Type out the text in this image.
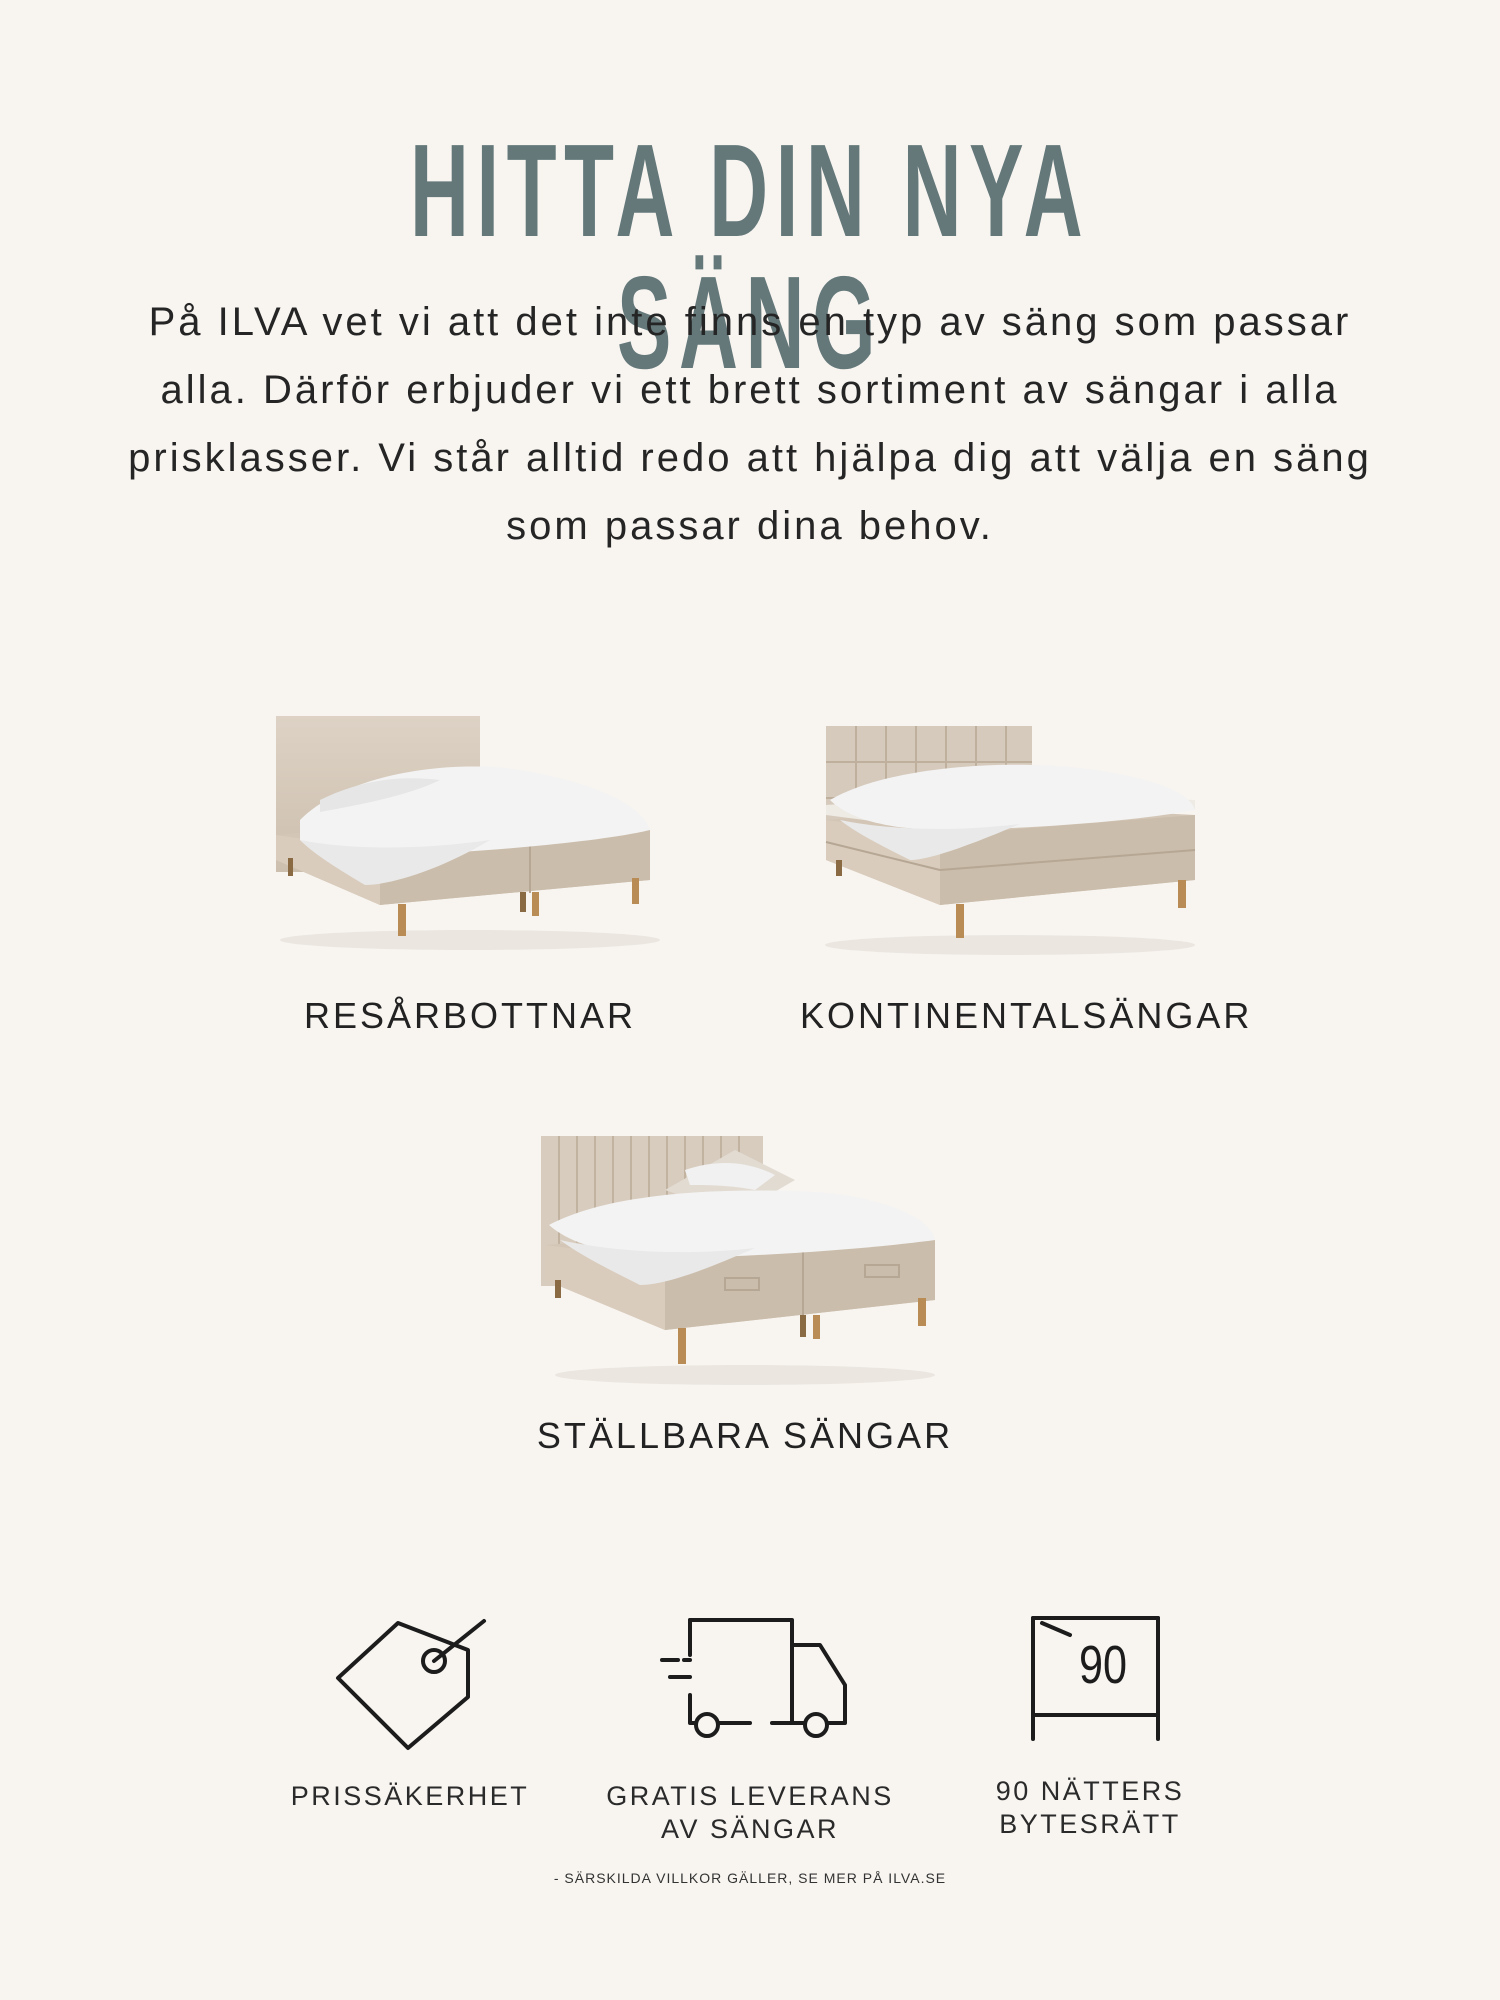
HITTA DIN NYA SÄNG
På ILVA vet vi att det inte finns en typ av säng som passar
alla. Därför erbjuder vi ett brett sortiment av sängar i alla
prisklasser. Vi står alltid redo att hjälpa dig att välja en säng
som passar dina behov.
RESÅRBOTTNAR	KONTINENTALSÄNGAR
STÄLLBARA SÄNGAR
PRISSÄKERHET	GRATIS LEVERANS
AV SÄNGAR
90
90 NÄTTERS
BYTESRÄTT
- SÄRSKILDA VILLKOR GÄLLER, SE MER PÅ ILVA.SE
